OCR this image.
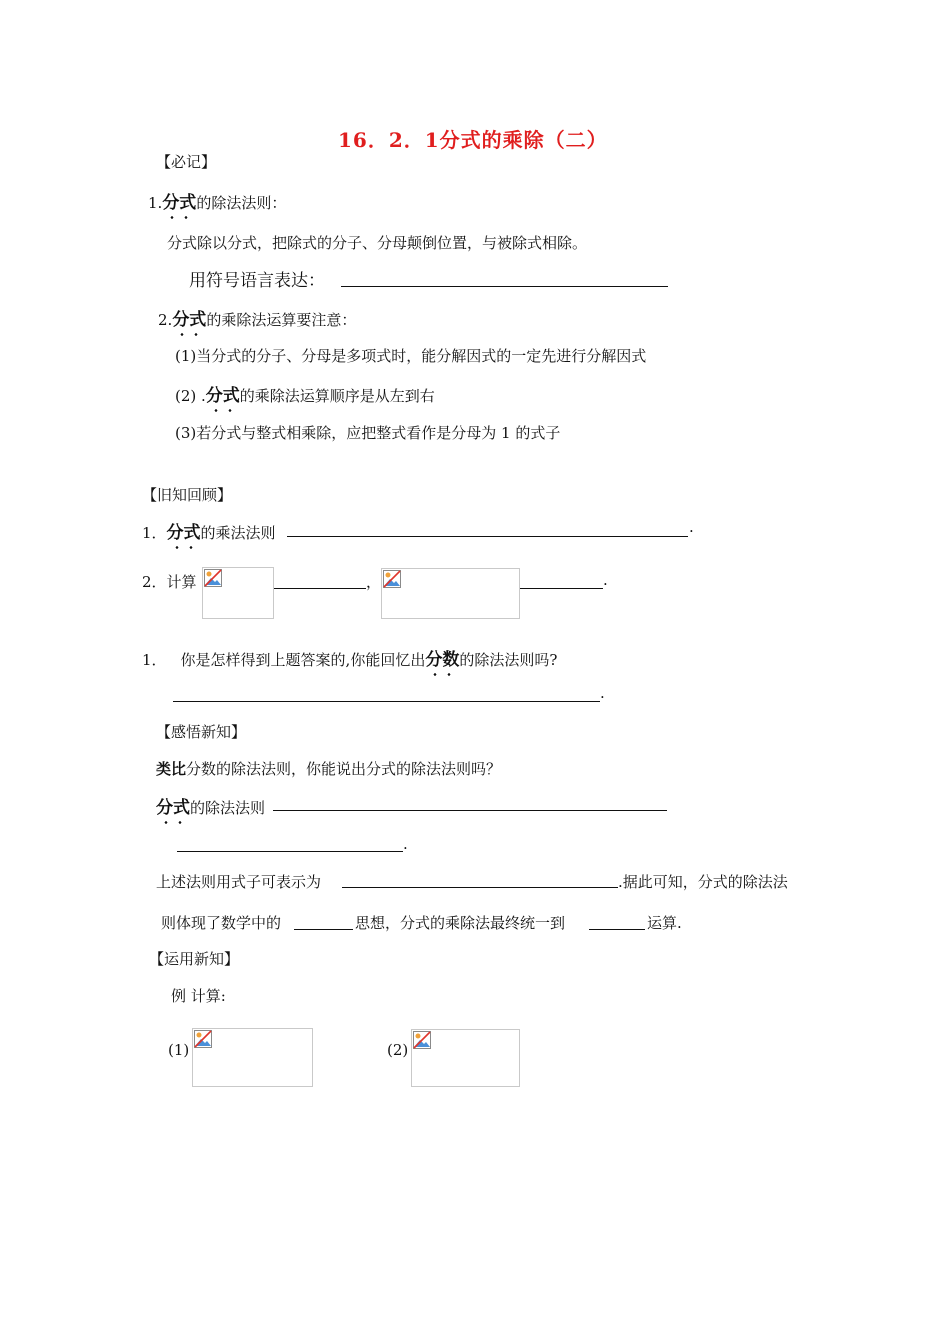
16．2．1分式的乘除（二）
【必记】
1.分式的除法法则：
分式除以分式，把除式的分子、分母颠倒位置，与被除式相除。
用符号语言表达：
2.分式的乘除法运算要注意：
(1)当分式的分子、分母是多项式时，能分解因式的一定先进行分解因式
(2) .分式的乘除法运算顺序是从左到右
(3)若分式与整式相乘除，应把整式看作是分母为 1 的式子
【旧知回顾】
1．分式的乘法法则	.
2．计算	，	.
1． 你是怎样得到上题答案的,你能回忆出分数的除法法则吗?
.
【感悟新知】
类比分数的除法法则，你能说出分式的除法法则吗？
分式的除法法则
.
上述法则用式子可表示为	.据此可知，分式的除法法
则体现了数学中的	思想，分式的乘除法最终统一到	运算.
【运用新知】
例 计算:
(1)	(2)
